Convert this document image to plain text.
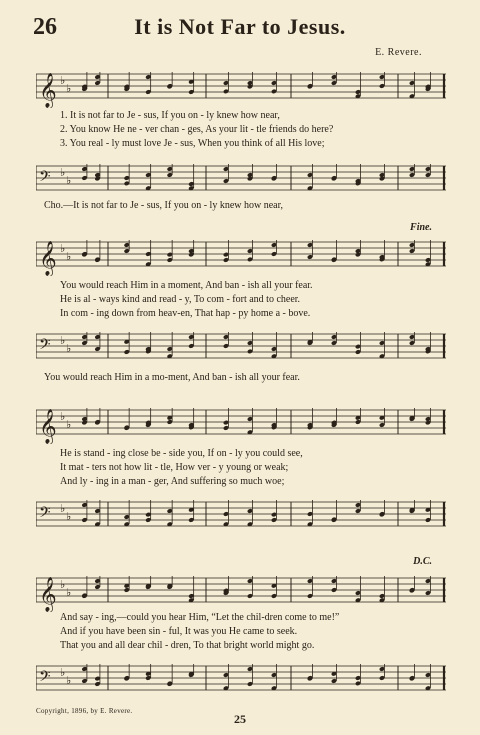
26	It is Not Far to Jesus.
E. Revere.
𝄞 ♭
♭
1. It is not far to Je - sus, If you on - ly knew how near,
2. You know He ne - ver chan - ges, As your lit - tle friends do here?
3. You real - ly must love Je - sus, When you think of all His love;
𝄢 ♭
♭
Cho.—It is not far to Je - sus, If you on - ly knew how near,
Fine.
𝄞 ♭
♭
You would reach Him in a moment, And ban - ish all your fear.
He is al - ways kind and read - y, To com - fort and to cheer.
In com - ing down from heav-en, That hap - py home a - bove.
𝄢 ♭
♭
You would reach Him in a mo-ment, And ban - ish all your fear.
𝄞 ♭
♭
He is stand - ing close be - side you, If on - ly you could see,
It mat - ters not how lit - tle, How ver - y young or weak;
And ly - ing in a man - ger, And suffering so much woe;
𝄢 ♭
♭
D.C.
𝄞 ♭
♭
And say - ing,—could you hear Him, “Let the chil-dren come to me!”
And if you have been sin - ful, It was you He came to seek.
That you and all dear chil - dren, To that bright world might go.
𝄢 ♭
♭
Copyright, 1896, by E. Revere.
25
